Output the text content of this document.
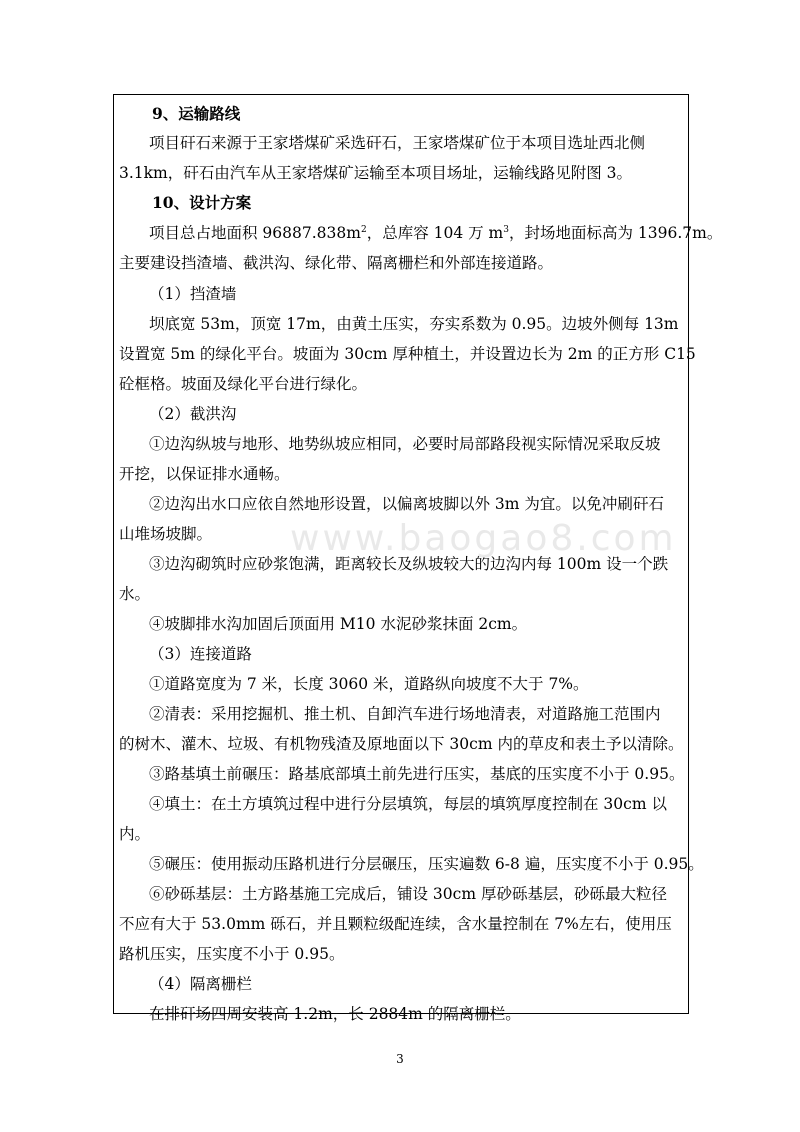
9、运输路线
项目矸石来源于王家塔煤矿采选矸石，王家塔煤矿位于本项目选址西北侧
3.1km，矸石由汽车从王家塔煤矿运输至本项目场址，运输线路见附图 3。
10、设计方案
项目总占地面积 $96887.838m^2$，总库容 104 万 $m^3$，封场地面标高为 1396.7m。
主要建设挡渣墙、截洪沟、绿化带、隔离栅栏和外部连接道路。
（1）挡渣墙
坝底宽 53m，顶宽 17m，由黄土压实，夯实系数为 0.95。边坡外侧每 13m
设置宽 5m 的绿化平台。坡面为 30cm 厚种植土，并设置边长为 2m 的正方形 C15
砼框格。坡面及绿化平台进行绿化。
（2）截洪沟
①边沟纵坡与地形、地势纵坡应相同，必要时局部路段视实际情况采取反坡
开挖，以保证排水通畅。
②边沟出水口应依自然地形设置，以偏离坡脚以外 3m 为宜。以免冲刷矸石
山堆场坡脚。
③边沟砌筑时应砂浆饱满，距离较长及纵坡较大的边沟内每 100m 设一个跌
水。
④坡脚排水沟加固后顶面用 M10 水泥砂浆抹面 2cm。
（3）连接道路
①道路宽度为 7 米，长度 3060 米，道路纵向坡度不大于 7%。
②清表：采用挖掘机、推土机、自卸汽车进行场地清表，对道路施工范围内
的树木、灌木、垃圾、有机物残渣及原地面以下 30cm 内的草皮和表土予以清除。
③路基填土前碾压：路基底部填土前先进行压实，基底的压实度不小于 0.95。
④填土：在土方填筑过程中进行分层填筑，每层的填筑厚度控制在 30cm 以
内。
⑤碾压：使用振动压路机进行分层碾压，压实遍数 6-8 遍，压实度不小于 0.95。
⑥砂砾基层：土方路基施工完成后，铺设 30cm 厚砂砾基层，砂砾最大粒径
不应有大于 53.0mm 砾石，并且颗粒级配连续，含水量控制在 7%左右，使用压
路机压实，压实度不小于 0.95。
（4）隔离栅栏
在排矸场四周安装高 1.2m，长 2884m 的隔离栅栏。
www.baogao8.com
3
